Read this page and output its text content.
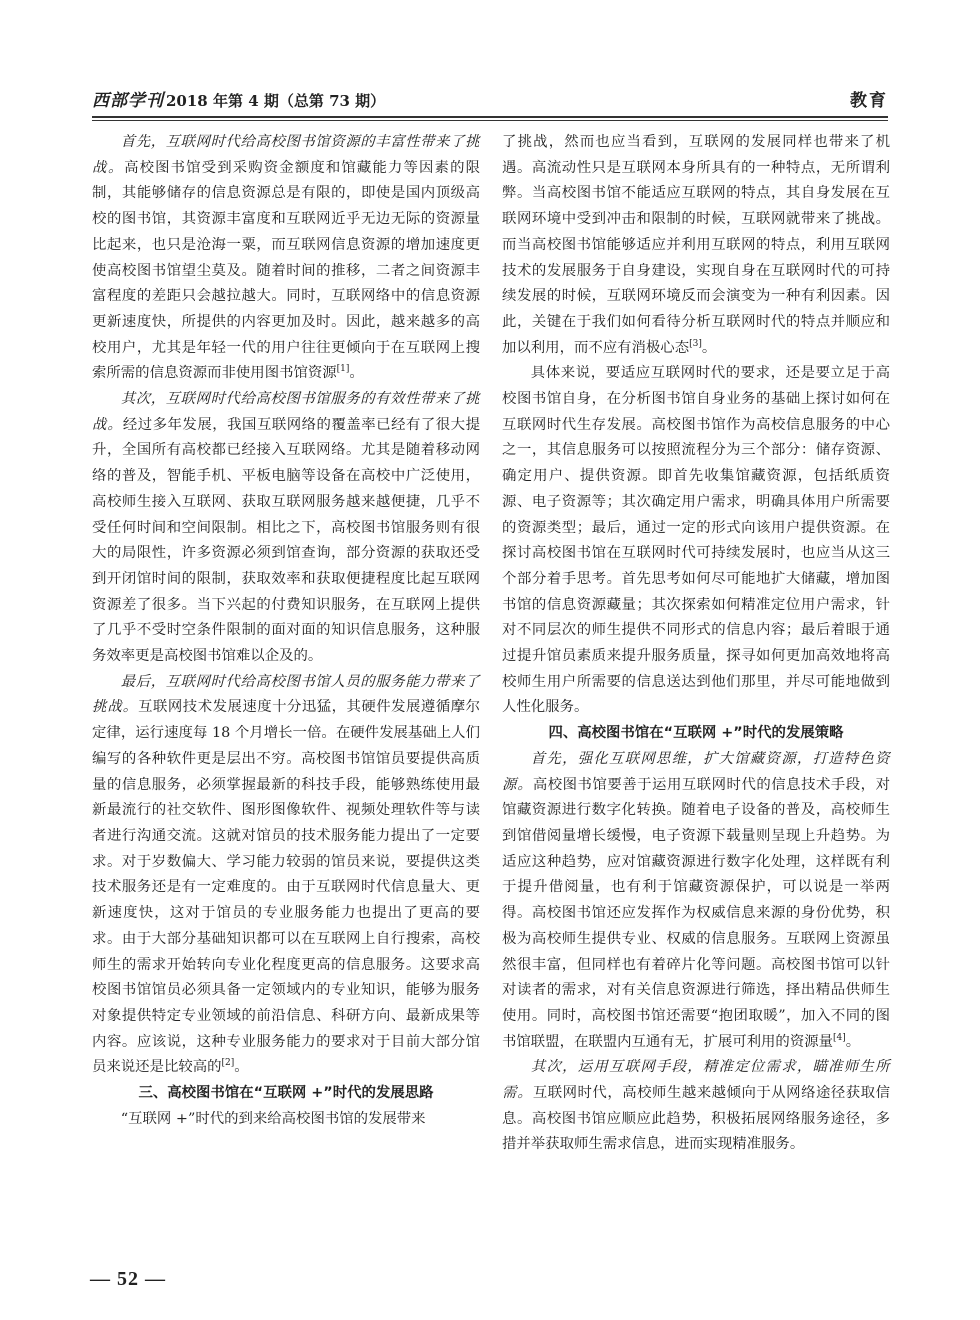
西部学刊 2018 年第 4 期（总第 73 期）	教育

首先，互联网时代给高校图书馆资源的丰富性带来了挑战。高校图书馆受到采购资金额度和馆藏能力等因素的限制，其能够储存的信息资源总是有限的，即使是国内顶级高校的图书馆，其资源丰富度和互联网近乎无边无际的资源量比起来，也只是沧海一粟，而互联网信息资源的增加速度更使高校图书馆望尘莫及。随着时间的推移，二者之间资源丰富程度的差距只会越拉越大。同时，互联网络中的信息资源更新速度快，所提供的内容更加及时。因此，越来越多的高校用户，尤其是年轻一代的用户往往更倾向于在互联网上搜索所需的信息资源而非使用图书馆资源[1]。

其次，互联网时代给高校图书馆服务的有效性带来了挑战。经过多年发展，我国互联网络的覆盖率已经有了很大提升，全国所有高校都已经接入互联网络。尤其是随着移动网络的普及，智能手机、平板电脑等设备在高校中广泛使用，高校师生接入互联网、获取互联网服务越来越便捷，几乎不受任何时间和空间限制。相比之下，高校图书馆服务则有很大的局限性，许多资源必须到馆查询，部分资源的获取还受到开闭馆时间的限制，获取效率和获取便捷程度比起互联网资源差了很多。当下兴起的付费知识服务，在互联网上提供了几乎不受时空条件限制的面对面的知识信息服务，这种服务效率更是高校图书馆难以企及的。

最后，互联网时代给高校图书馆人员的服务能力带来了挑战。互联网技术发展速度十分迅猛，其硬件发展遵循摩尔定律，运行速度每 18 个月增长一倍。在硬件发展基础上人们编写的各种软件更是层出不穷。高校图书馆馆员要提供高质量的信息服务，必须掌握最新的科技手段，能够熟练使用最新最流行的社交软件、图形图像软件、视频处理软件等与读者进行沟通交流。这就对馆员的技术服务能力提出了一定要求。对于岁数偏大、学习能力较弱的馆员来说，要提供这类技术服务还是有一定难度的。由于互联网时代信息量大、更新速度快，这对于馆员的专业服务能力也提出了更高的要求。由于大部分基础知识都可以在互联网上自行搜索，高校师生的需求开始转向专业化程度更高的信息服务。这要求高校图书馆馆员必须具备一定领域内的专业知识，能够为服务对象提供特定专业领域的前沿信息、科研方向、最新成果等内容。应该说，这种专业服务能力的要求对于目前大部分馆员来说还是比较高的[2]。

三、高校图书馆在“互联网 +”时代的发展思路

“互联网 +”时代的到来给高校图书馆的发展带来

了挑战，然而也应当看到，互联网的发展同样也带来了机遇。高流动性只是互联网本身所具有的一种特点，无所谓利弊。当高校图书馆不能适应互联网的特点，其自身发展在互联网环境中受到冲击和限制的时候，互联网就带来了挑战。而当高校图书馆能够适应并利用互联网的特点，利用互联网技术的发展服务于自身建设，实现自身在互联网时代的可持续发展的时候，互联网环境反而会演变为一种有利因素。因此，关键在于我们如何看待分析互联网时代的特点并顺应和加以利用，而不应有消极心态[3]。

具体来说，要适应互联网时代的要求，还是要立足于高校图书馆自身，在分析图书馆自身业务的基础上探讨如何在互联网时代生存发展。高校图书馆作为高校信息服务的中心之一，其信息服务可以按照流程分为三个部分：储存资源、确定用户、提供资源。即首先收集馆藏资源，包括纸质资源、电子资源等；其次确定用户需求，明确具体用户所需要的资源类型；最后，通过一定的形式向该用户提供资源。在探讨高校图书馆在互联网时代可持续发展时，也应当从这三个部分着手思考。首先思考如何尽可能地扩大储藏，增加图书馆的信息资源藏量；其次探索如何精准定位用户需求，针对不同层次的师生提供不同形式的信息内容；最后着眼于通过提升馆员素质来提升服务质量，探寻如何更加高效地将高校师生用户所需要的信息送达到他们那里，并尽可能地做到人性化服务。

四、高校图书馆在“互联网 +”时代的发展策略

首先，强化互联网思维，扩大馆藏资源，打造特色资源。高校图书馆要善于运用互联网时代的信息技术手段，对馆藏资源进行数字化转换。随着电子设备的普及，高校师生到馆借阅量增长缓慢，电子资源下载量则呈现上升趋势。为适应这种趋势，应对馆藏资源进行数字化处理，这样既有利于提升借阅量，也有利于馆藏资源保护，可以说是一举两得。高校图书馆还应发挥作为权威信息来源的身份优势，积极为高校师生提供专业、权威的信息服务。互联网上资源虽然很丰富，但同样也有着碎片化等问题。高校图书馆可以针对读者的需求，对有关信息资源进行筛选，择出精品供师生使用。同时，高校图书馆还需要“抱团取暖”，加入不同的图书馆联盟，在联盟内互通有无，扩展可利用的资源量[4]。

其次，运用互联网手段，精准定位需求，瞄准师生所需。互联网时代，高校师生越来越倾向于从网络途径获取信息。高校图书馆应顺应此趋势，积极拓展网络服务途径，多措并举获取师生需求信息，进而实现精准服务。

— 52 —
